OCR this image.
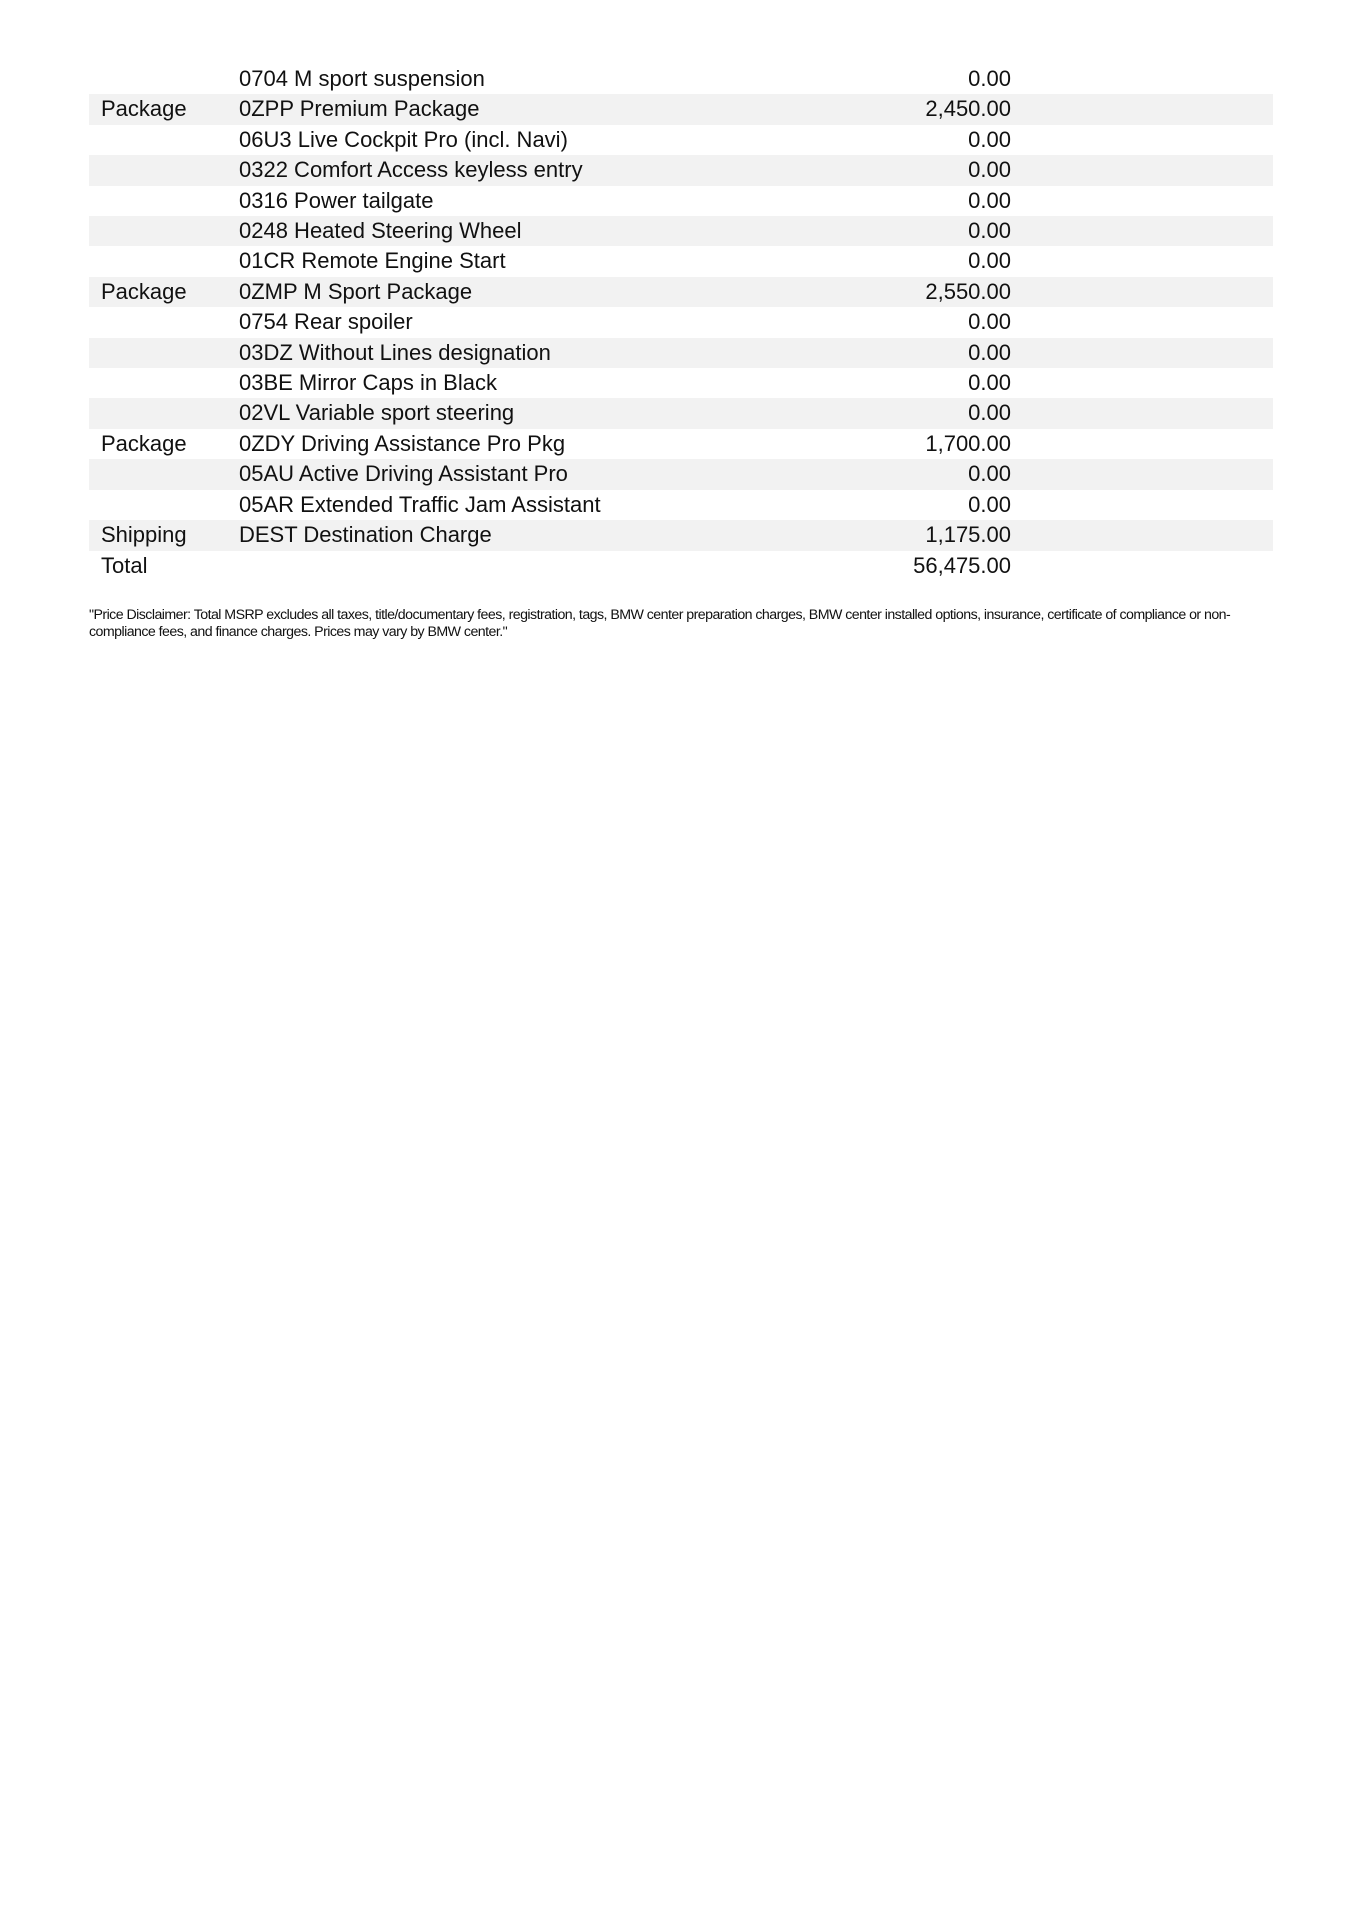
	0704 M sport suspension	0.00	
Package	0ZPP Premium Package	2,450.00	
	06U3 Live Cockpit Pro (incl. Navi)	0.00	
	0322 Comfort Access keyless entry	0.00	
	0316 Power tailgate	0.00	
	0248 Heated Steering Wheel	0.00	
	01CR Remote Engine Start	0.00	
Package	0ZMP M Sport Package	2,550.00	
	0754 Rear spoiler	0.00	
	03DZ Without Lines designation	0.00	
	03BE Mirror Caps in Black	0.00	
	02VL Variable sport steering	0.00	
Package	0ZDY Driving Assistance Pro Pkg	1,700.00	
	05AU Active Driving Assistant Pro	0.00	
	05AR Extended Traffic Jam Assistant	0.00	
Shipping	DEST Destination Charge	1,175.00	
Total		56,475.00	
"Price Disclaimer: Total MSRP excludes all taxes, title/documentary fees, registration, tags, BMW center preparation charges, BMW center installed options, insurance, certificate of compliance or non-compliance fees, and finance charges. Prices may vary by BMW center."
